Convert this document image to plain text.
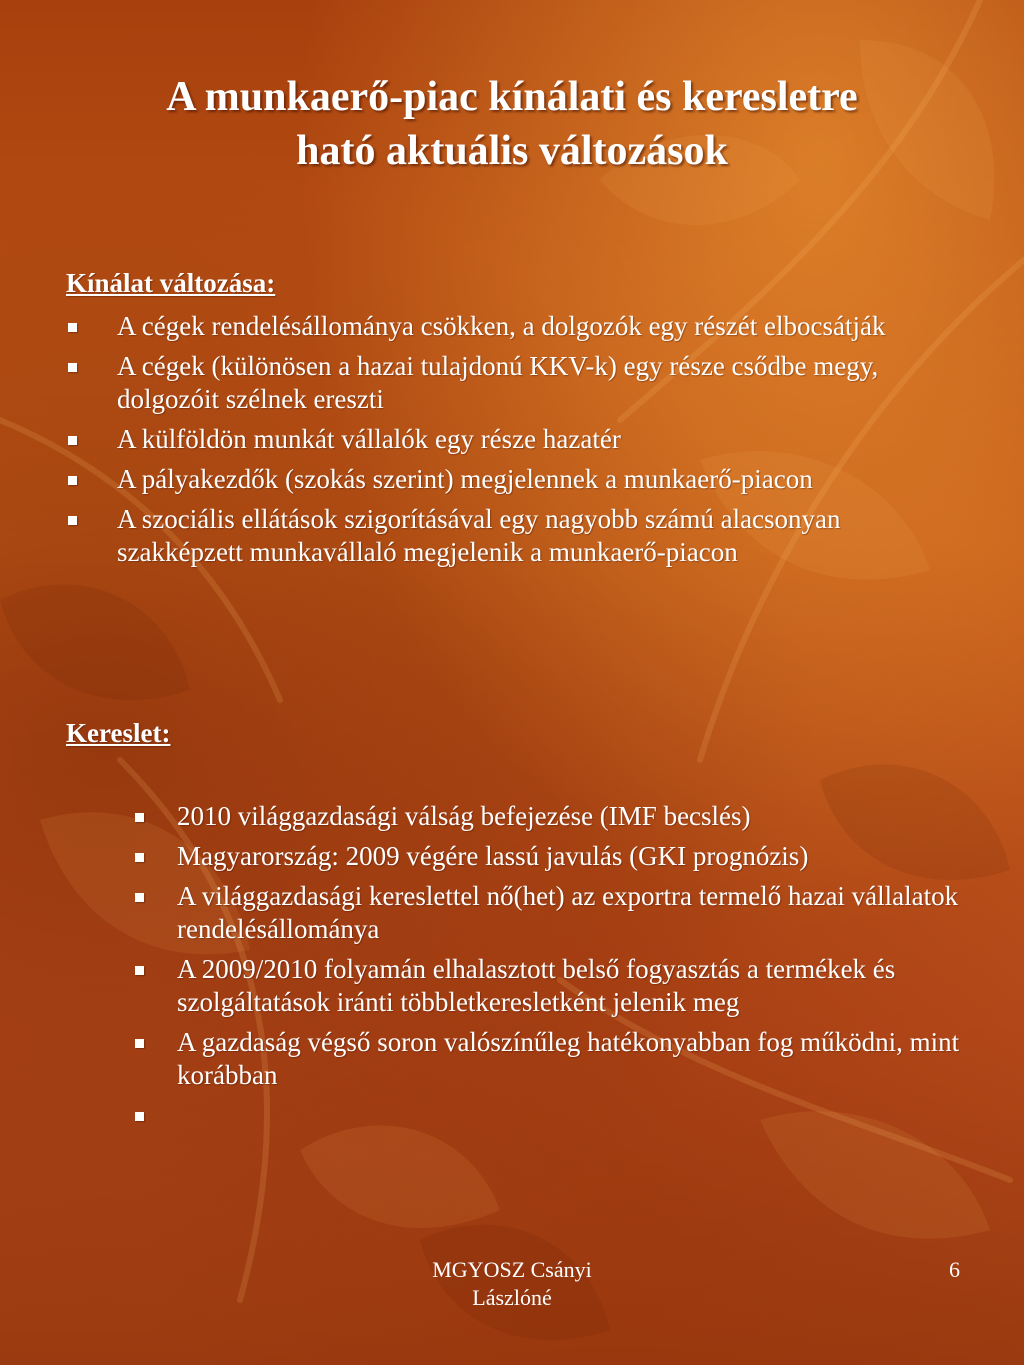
A munkaerő-piac kínálati és keresletre
ható aktuális változások
Kínálat változása:
A cégek rendelésállománya csökken, a dolgozók egy részét elbocsátják
A cégek (különösen a hazai tulajdonú KKV-k) egy része csődbe megy, dolgozóit szélnek ereszti
A külföldön munkát vállalók egy része hazatér
A pályakezdők (szokás szerint) megjelennek a munkaerő-piacon
A szociális ellátások szigorításával egy nagyobb számú alacsonyan szakképzett munkavállaló megjelenik a munkaerő-piacon
Kereslet:
2010 világgazdasági válság befejezése (IMF becslés)
Magyarország: 2009 végére lassú javulás (GKI prognózis)
A világgazdasági kereslettel nő(het) az exportra termelő hazai vállalatok rendelésállománya
A 2009/2010 folyamán elhalasztott belső fogyasztás a termékek és szolgáltatások iránti többletkeresletként jelenik meg
A gazdaság végső soron valószínűleg hatékonyabban fog működni, mint korábban
MGYOSZ Csányi
Lászlóné
6
